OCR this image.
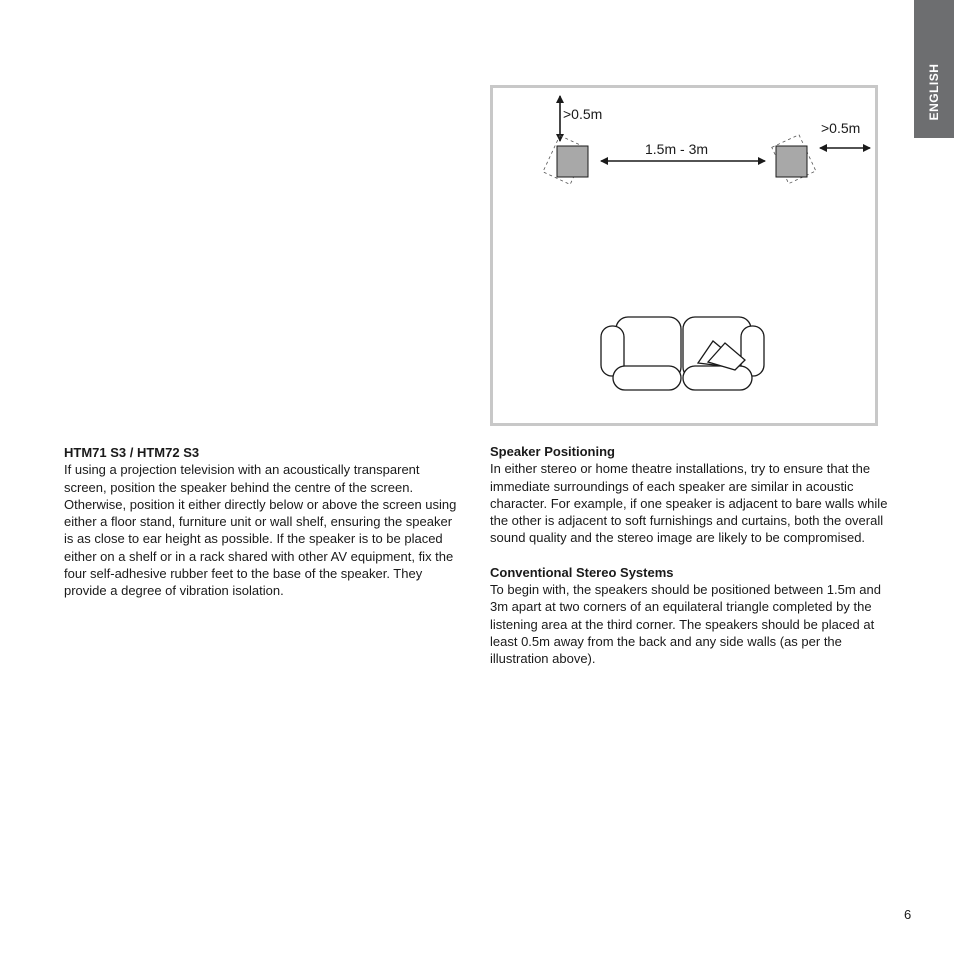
ENGLISH
>0.5m
>0.5m
1.5m - 3m
HTM71 S3 / HTM72 S3

If using a projection television with an acoustically transparent screen, position the speaker behind the centre of the screen. Otherwise, position it either directly below or above the screen using either a floor stand, furniture unit or wall shelf, ensuring the speaker is as close to ear height as possible. If the speaker is to be placed either on a shelf or in a rack shared with other AV equipment, fix the four self-adhesive rubber feet to the base of the speaker. They provide a degree of vibration isolation.

Speaker Positioning

In either stereo or home theatre installations, try to ensure that the immediate surroundings of each speaker are similar in acoustic character. For example, if one speaker is adjacent to bare walls while the other is adjacent to soft furnishings and curtains, both the overall sound quality and the stereo image are likely to be compromised.

Conventional Stereo Systems

To begin with, the speakers should be positioned between 1.5m and 3m apart at two corners of an equilateral triangle completed by the listening area at the third corner. The speakers should be placed at least 0.5m away from the back and any side walls (as per the illustration above).

6
